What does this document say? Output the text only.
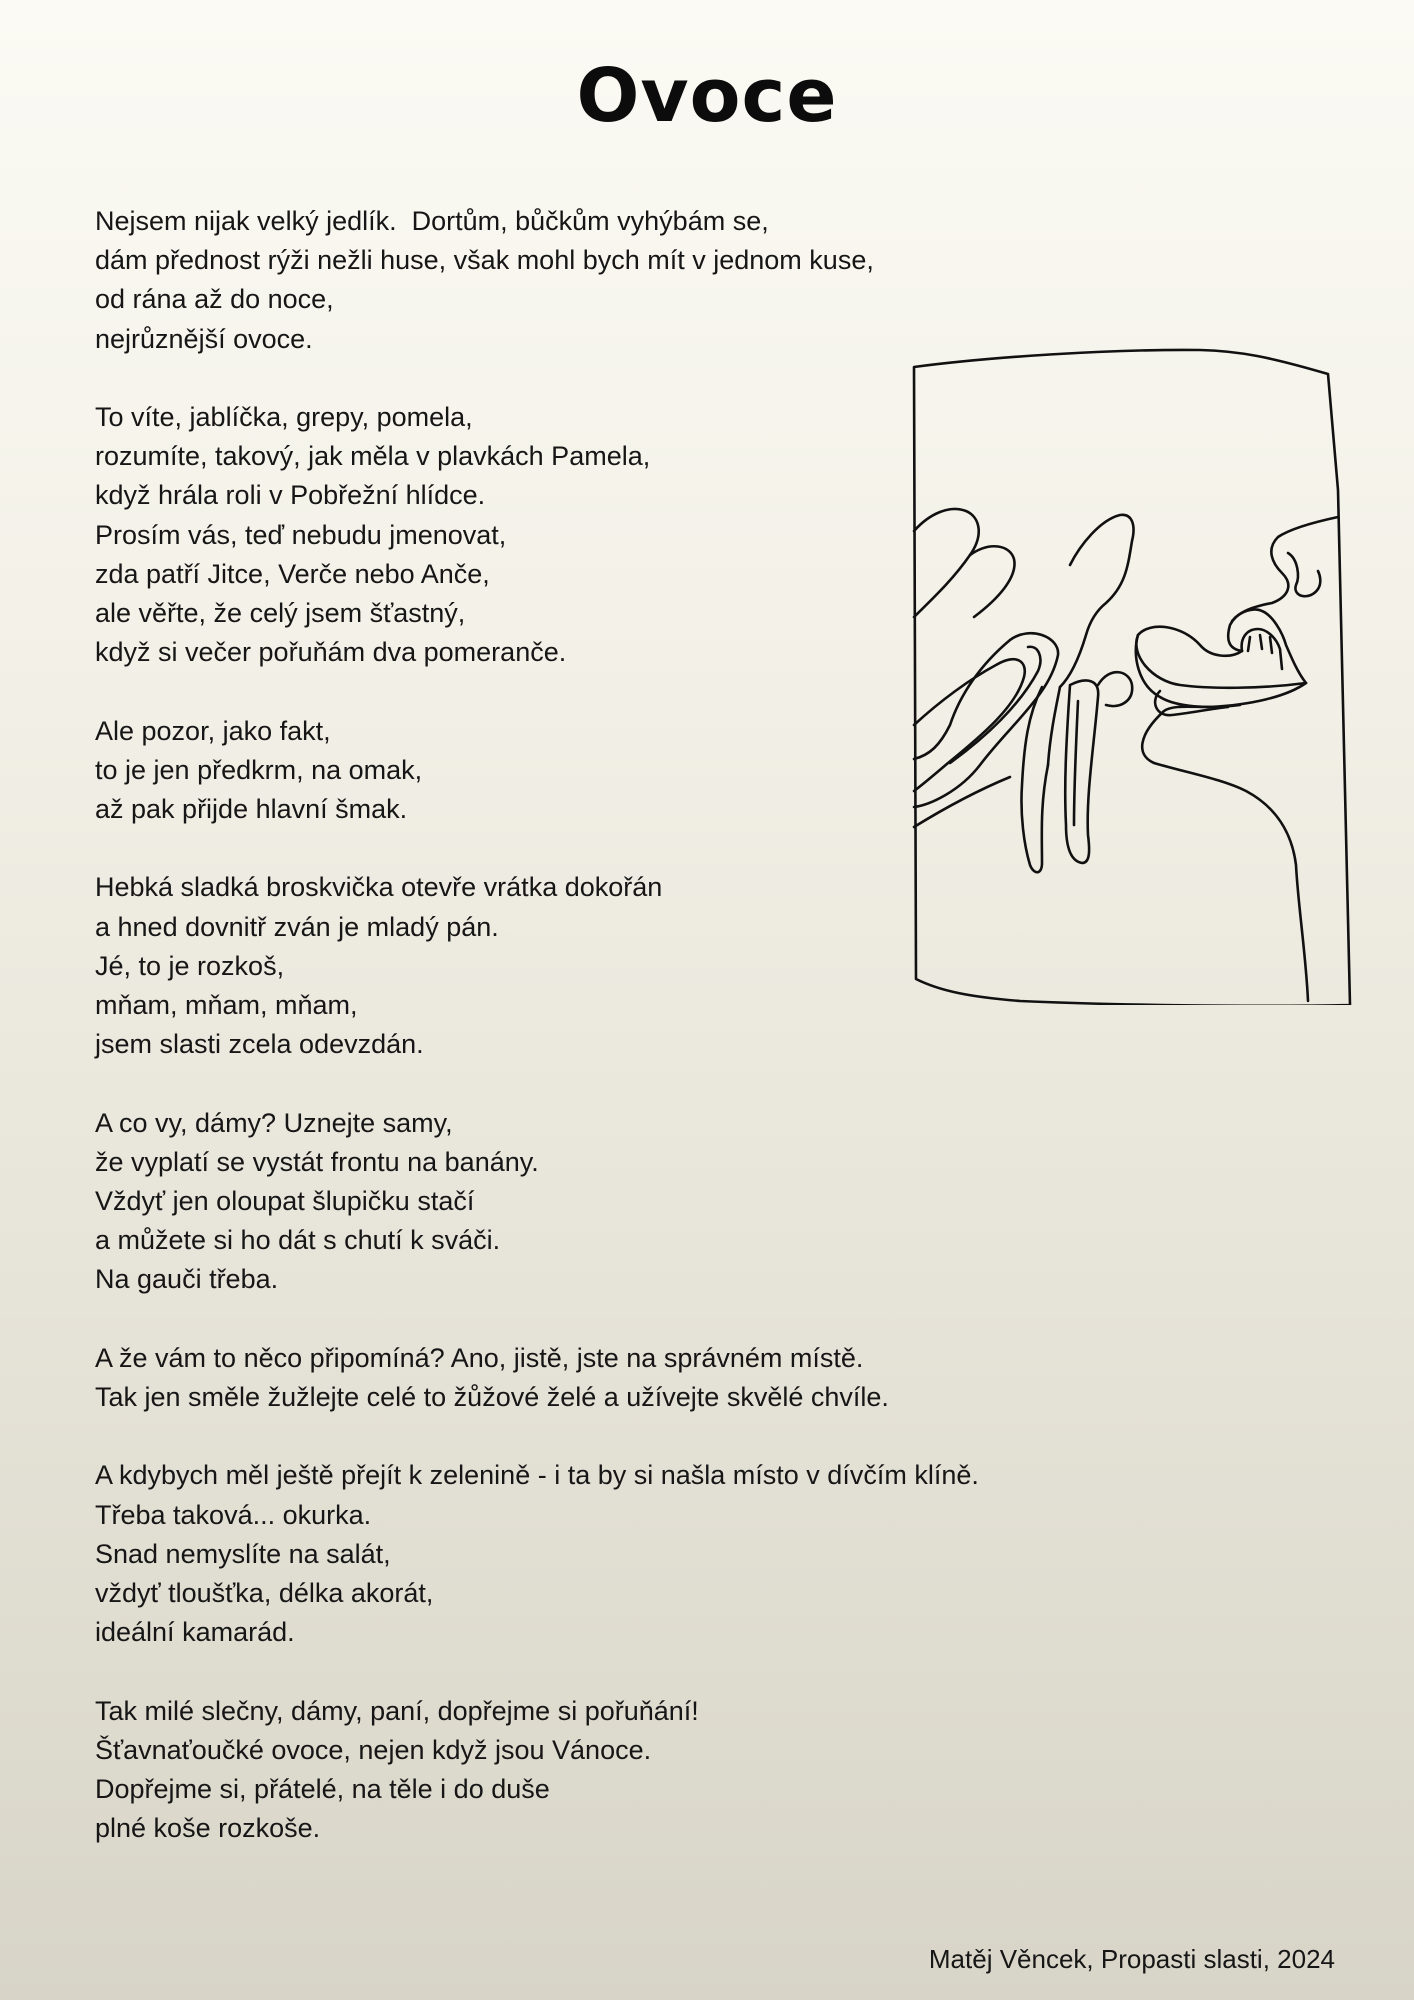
Ovoce
Nejsem nijak velký jedlík.  Dortům, bůčkům vyhýbám se,
dám přednost rýži nežli huse, však mohl bych mít v jednom kuse,
od rána až do noce,
nejrůznější ovoce.
To víte, jablíčka, grepy, pomela,
rozumíte, takový, jak měla v plavkách Pamela,
když hrála roli v Pobřežní hlídce.
Prosím vás, teď nebudu jmenovat,
zda patří Jitce, Verče nebo Anče,
ale věřte, že celý jsem šťastný,
když si večer pořuňám dva pomeranče.
Ale pozor, jako fakt,
to je jen předkrm, na omak,
až pak přijde hlavní šmak.
Hebká sladká broskvička otevře vrátka dokořán
a hned dovnitř zván je mladý pán.
Jé, to je rozkoš,
mňam, mňam, mňam,
jsem slasti zcela odevzdán.
A co vy, dámy? Uznejte samy,
že vyplatí se vystát frontu na banány.
Vždyť jen oloupat šlupičku stačí
a můžete si ho dát s chutí k sváči.
Na gauči třeba.
A že vám to něco připomíná? Ano, jistě, jste na správném místě.
Tak jen směle žužlejte celé to žůžové želé a užívejte skvělé chvíle.
A kdybych měl ještě přejít k zelenině - i ta by si našla místo v dívčím klíně.
Třeba taková... okurka.
Snad nemyslíte na salát,
vždyť tloušťka, délka akorát,
ideální kamarád.
Tak milé slečny, dámy, paní, dopřejme si pořuňání!
Šťavnaťoučké ovoce, nejen když jsou Vánoce.
Dopřejme si, přátelé, na těle i do duše
plné koše rozkoše.
Matěj Věncek, Propasti slasti, 2024
